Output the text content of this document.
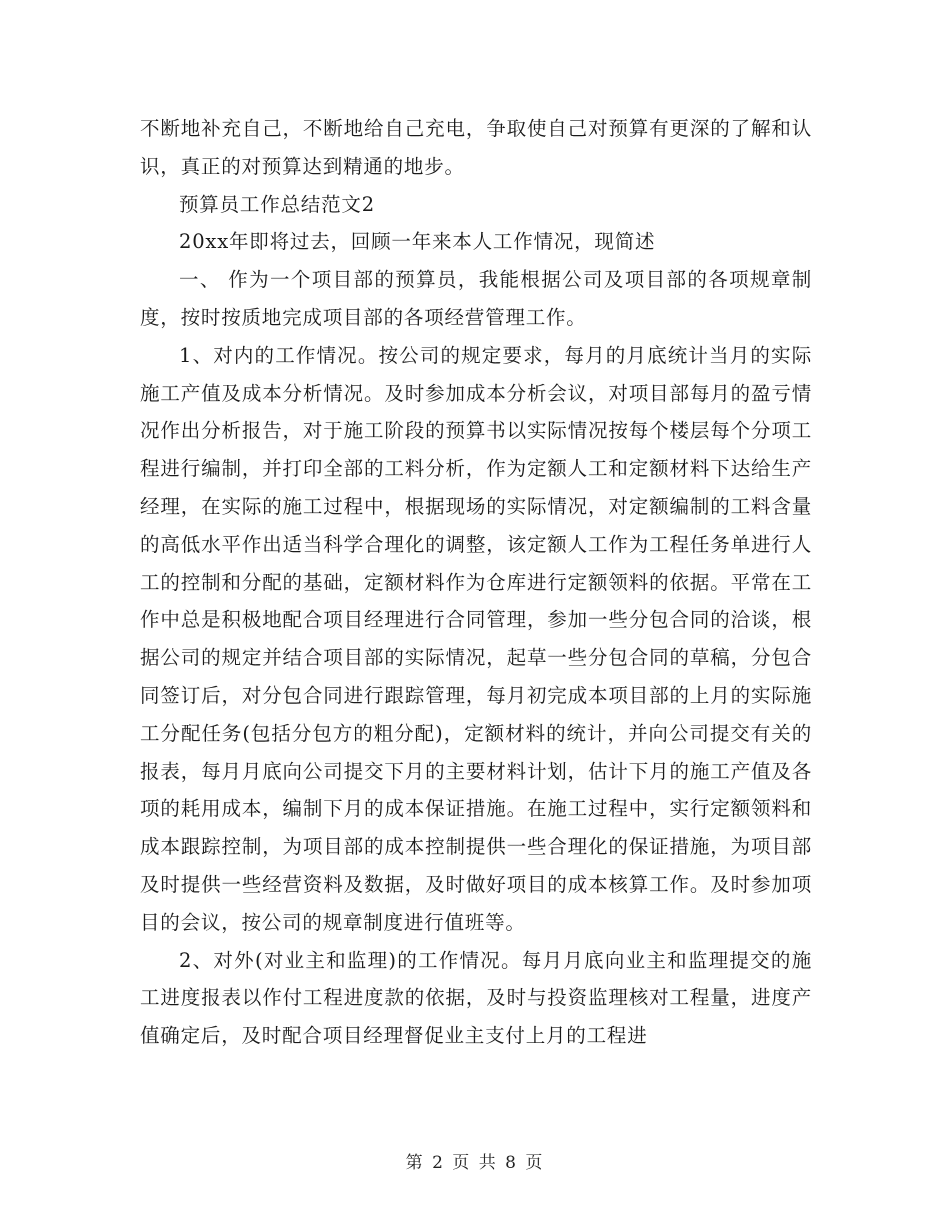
不断地补充自己，不断地给自己充电，争取使自己对预算有更深的了解和认识，真正的对预算达到精通的地步。

预算员工作总结范文2

20xx年即将过去，回顾一年来本人工作情况，现简述

一、 作为一个项目部的预算员，我能根据公司及项目部的各项规章制度，按时按质地完成项目部的各项经营管理工作。

1、对内的工作情况。按公司的规定要求，每月的月底统计当月的实际施工产值及成本分析情况。及时参加成本分析会议，对项目部每月的盈亏情况作出分析报告，对于施工阶段的预算书以实际情况按每个楼层每个分项工程进行编制，并打印全部的工料分析，作为定额人工和定额材料下达给生产经理，在实际的施工过程中，根据现场的实际情况，对定额编制的工料含量的高低水平作出适当科学合理化的调整，该定额人工作为工程任务单进行人工的控制和分配的基础，定额材料作为仓库进行定额领料的依据。平常在工作中总是积极地配合项目经理进行合同管理，参加一些分包合同的洽谈，根据公司的规定并结合项目部的实际情况，起草一些分包合同的草稿，分包合同签订后，对分包合同进行跟踪管理，每月初完成本项目部的上月的实际施工分配任务(包括分包方的粗分配)，定额材料的统计，并向公司提交有关的报表，每月月底向公司提交下月的主要材料计划，估计下月的施工产值及各项的耗用成本，编制下月的成本保证措施。在施工过程中，实行定额领料和成本跟踪控制，为项目部的成本控制提供一些合理化的保证措施，为项目部及时提供一些经营资料及数据，及时做好项目的成本核算工作。及时参加项目的会议，按公司的规章制度进行值班等。

2、对外(对业主和监理)的工作情况。每月月底向业主和监理提交的施工进度报表以作付工程进度款的依据，及时与投资监理核对工程量，进度产值确定后，及时配合项目经理督促业主支付上月的工程进

第 2 页 共 8 页
